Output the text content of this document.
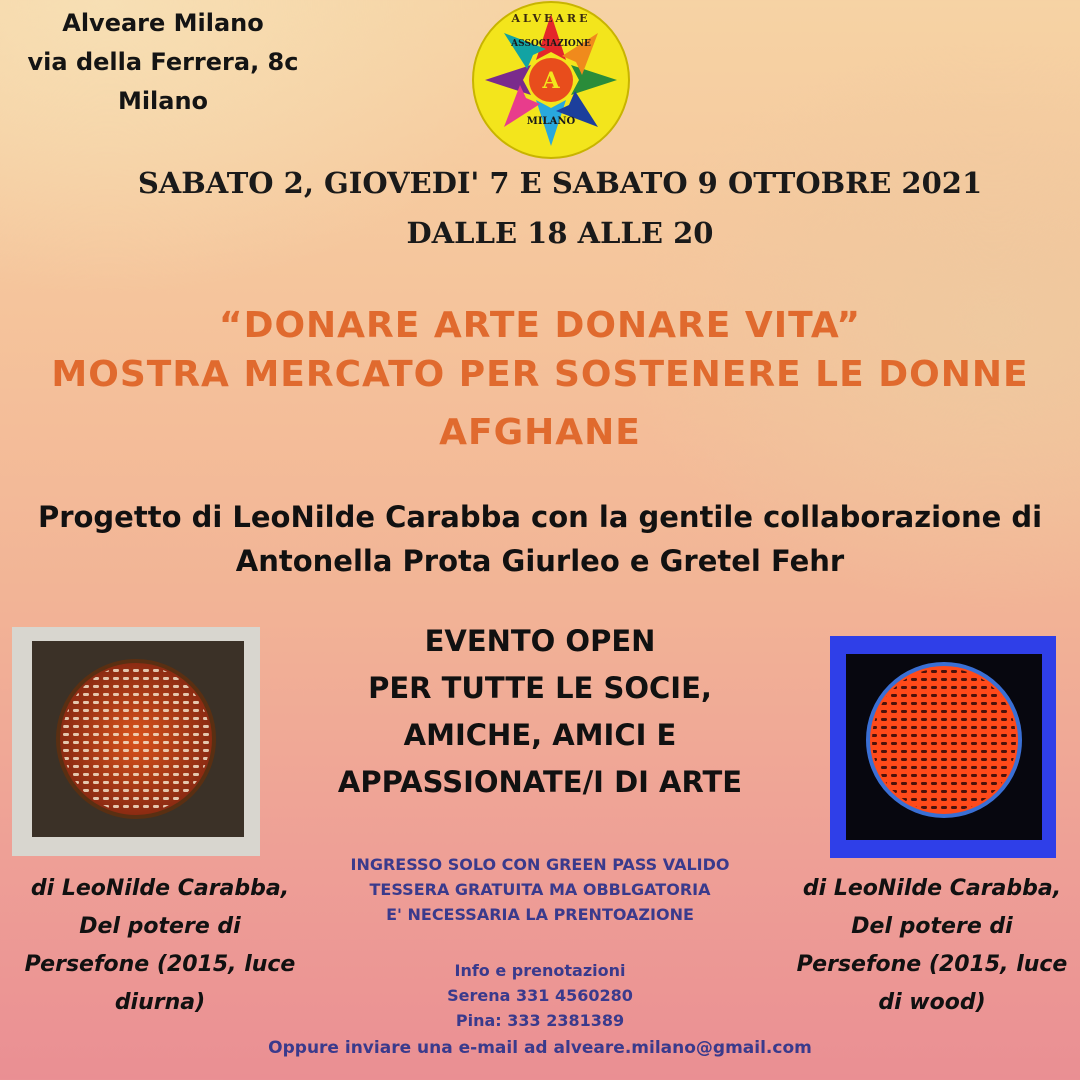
Alveare Milano
via della Ferrera, 8c
Milano
A
ALVEARE
ASSOCIAZIONE
MILANO
SABATO 2, GIOVEDI' 7 E SABATO 9 OTTOBRE 2021
DALLE 18 ALLE 20
“DONARE ARTE DONARE VITA”
MOSTRA MERCATO PER SOSTENERE LE DONNE
AFGHANE
Progetto di LeoNilde Carabba con la gentile collaborazione di
Antonella Prota Giurleo e Gretel Fehr
EVENTO OPEN
PER TUTTE LE SOCIE,
AMICHE, AMICI E
APPASSIONATE/I DI ARTE
INGRESSO SOLO CON GREEN PASS VALIDO
TESSERA GRATUITA MA OBBLGATORIA
E' NECESSARIA LA PRENTOAZIONE
Info e prenotazioni
Serena 331 4560280
Pina: 333 2381389
Oppure inviare una e-mail ad alveare.milano@gmail.com
di LeoNilde Carabba,
Del potere di
Persefone (2015, luce
diurna)
di LeoNilde Carabba,
Del potere di
Persefone (2015, luce
di wood)
